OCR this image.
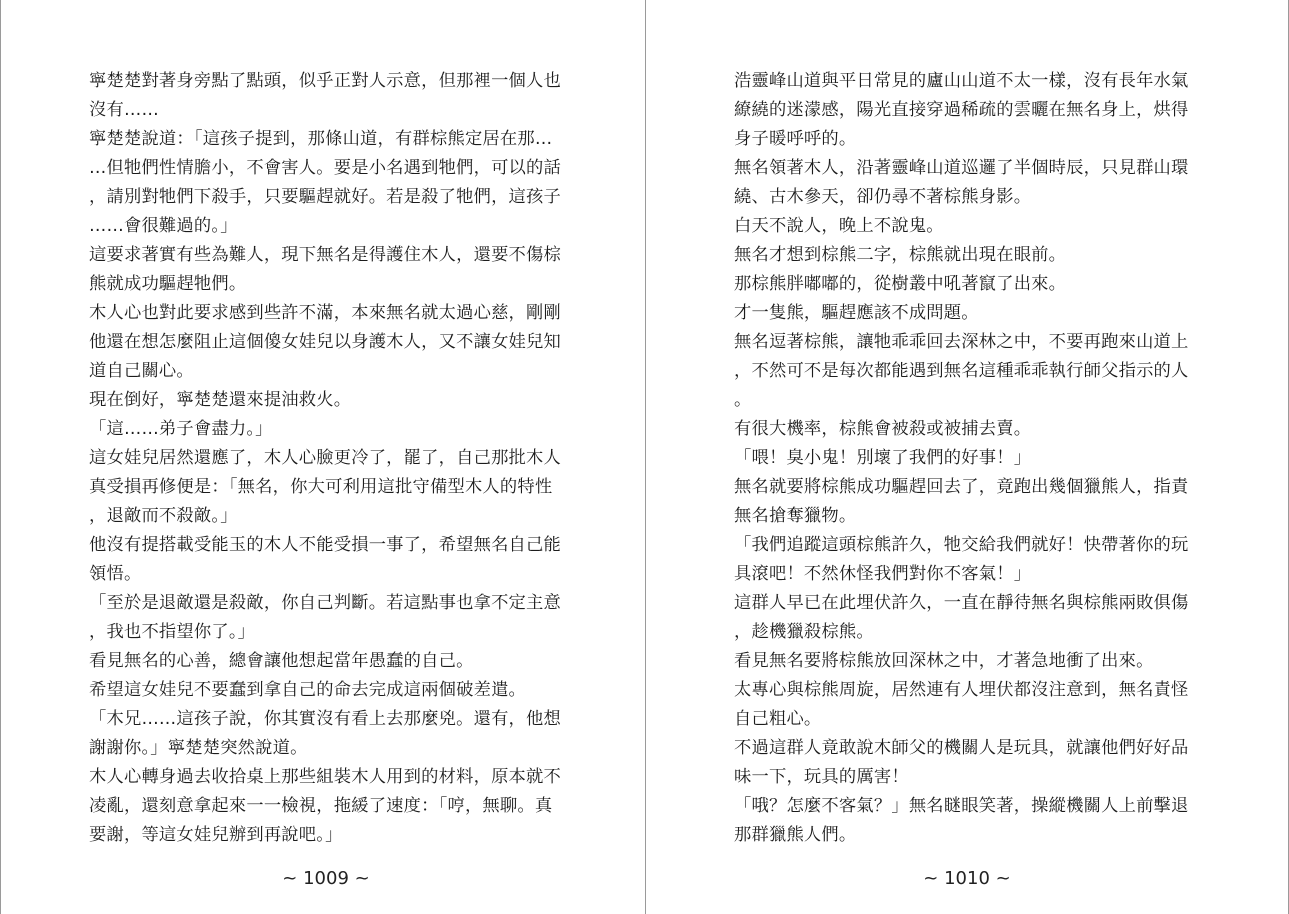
寧楚楚對著身旁點了點頭，似乎正對人示意，但那裡一個人也沒有……

寧楚楚說道：「這孩子提到，那條山道，有群棕熊定居在那……但牠們性情膽小，不會害人。要是小名遇到牠們，可以的話，請別對牠們下殺手，只要驅趕就好。若是殺了牠們，這孩子……會很難過的。」

這要求著實有些為難人，現下無名是得護住木人，還要不傷棕熊就成功驅趕牠們。

木人心也對此要求感到些許不滿，本來無名就太過心慈，剛剛他還在想怎麼阻止這個傻女娃兒以身護木人，又不讓女娃兒知道自己關心。

現在倒好，寧楚楚還來提油救火。

「這……弟子會盡力。」

這女娃兒居然還應了，木人心臉更冷了，罷了，自己那批木人真受損再修便是：「無名，你大可利用這批守備型木人的特性，退敵而不殺敵。」

他沒有提搭載受能玉的木人不能受損一事了，希望無名自己能領悟。

「至於是退敵還是殺敵，你自己判斷。若這點事也拿不定主意，我也不指望你了。」

看見無名的心善，總會讓他想起當年愚蠢的自己。

希望這女娃兒不要蠢到拿自己的命去完成這兩個破差遣。

「木兄……這孩子說，你其實沒有看上去那麼兇。還有，他想謝謝你。」寧楚楚突然說道。

木人心轉身過去收拾桌上那些組裝木人用到的材料，原本就不凌亂，還刻意拿起來一一檢視，拖緩了速度：「哼，無聊。真要謝，等這女娃兒辦到再說吧。」

~ 1009 ~

浩靈峰山道與平日常見的廬山山道不太一樣，沒有長年水氣繚繞的迷濛感，陽光直接穿過稀疏的雲曬在無名身上，烘得身子暖呼呼的。

無名領著木人，沿著靈峰山道巡邏了半個時辰，只見群山環繞、古木參天，卻仍尋不著棕熊身影。

白天不說人，晚上不說鬼。

無名才想到棕熊二字，棕熊就出現在眼前。

那棕熊胖嘟嘟的，從樹叢中吼著竄了出來。

才一隻熊，驅趕應該不成問題。

無名逗著棕熊，讓牠乖乖回去深林之中，不要再跑來山道上，不然可不是每次都能遇到無名這種乖乖執行師父指示的人。

有很大機率，棕熊會被殺或被捕去賣。

「喂！臭小鬼！別壞了我們的好事！」

無名就要將棕熊成功驅趕回去了，竟跑出幾個獵熊人，指責無名搶奪獵物。

「我們追蹤這頭棕熊許久，牠交給我們就好！快帶著你的玩具滾吧！不然休怪我們對你不客氣！」

這群人早已在此埋伏許久，一直在靜待無名與棕熊兩敗俱傷，趁機獵殺棕熊。

看見無名要將棕熊放回深林之中，才著急地衝了出來。

太專心與棕熊周旋，居然連有人埋伏都沒注意到，無名責怪自己粗心。

不過這群人竟敢說木師父的機關人是玩具，就讓他們好好品味一下，玩具的厲害！

「哦？怎麼不客氣？」無名瞇眼笑著，操縱機關人上前擊退那群獵熊人們。

~ 1010 ~
